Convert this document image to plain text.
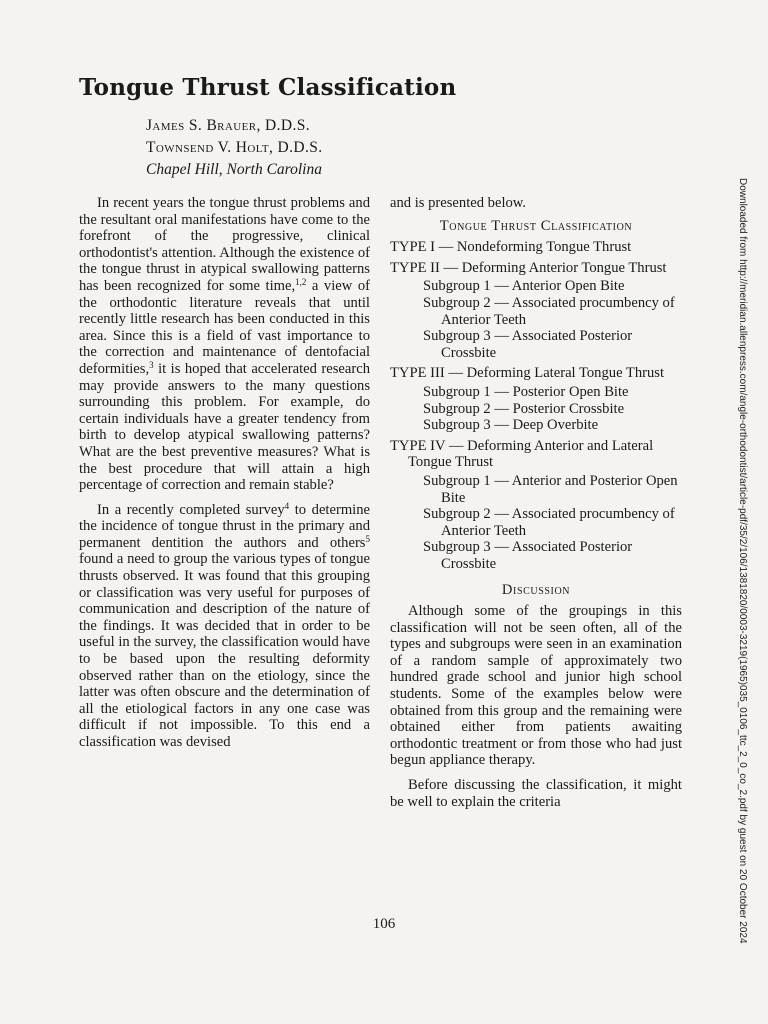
Tongue Thrust Classification
James S. Brauer, D.D.S.
Townsend V. Holt, D.D.S.
Chapel Hill, North Carolina

In recent years the tongue thrust problems and the resultant oral manifestations have come to the forefront of the progressive, clinical orthodontist's attention. Although the existence of the tongue thrust in atypical swallowing patterns has been recognized for some time,$^{1,2}$ a view of the orthodontic literature reveals that until recently little research has been conducted in this area. Since this is a field of vast importance to the correction and maintenance of dentofacial deformities,$^3$ it is hoped that accelerated research may provide answers to the many questions surrounding this problem. For example, do certain individuals have a greater tendency from birth to develop atypical swallowing patterns? What are the best preventive measures? What is the best procedure that will attain a high percentage of correction and remain stable?

In a recently completed survey$^4$ to determine the incidence of tongue thrust in the primary and permanent dentition the authors and others$^5$ found a need to group the various types of tongue thrusts observed. It was found that this grouping or classification was very useful for purposes of communication and description of the nature of the findings. It was decided that in order to be useful in the survey, the classification would have to be based upon the resulting deformity observed rather than on the etiology, since the latter was often obscure and the determination of all the etiological factors in any one case was difficult if not impossible. To this end a classification was devised

and is presented below.

Tongue Thrust Classification
TYPE I — Nondeforming Tongue Thrust
TYPE II — Deforming Anterior Tongue Thrust
Subgroup 1 — Anterior Open Bite
Subgroup 2 — Associated procumbency of Anterior Teeth
Subgroup 3 — Associated Posterior Crossbite
TYPE III — Deforming Lateral Tongue Thrust
Subgroup 1 — Posterior Open Bite
Subgroup 2 — Posterior Crossbite
Subgroup 3 — Deep Overbite
TYPE IV — Deforming Anterior and Lateral Tongue Thrust
Subgroup 1 — Anterior and Posterior Open Bite
Subgroup 2 — Associated procumbency of Anterior Teeth
Subgroup 3 — Associated Posterior Crossbite
Discussion

Although some of the groupings in this classification will not be seen often, all of the types and subgroups were seen in an examination of a random sample of approximately two hundred grade school and junior high school students. Some of the examples below were obtained from this group and the remaining were obtained either from patients awaiting orthodontic treatment or from those who had just begun appliance therapy.

Before discussing the classification, it might be well to explain the criteria

106	Downloaded from http://meridian.allenpress.com/angle-orthodontist/article-pdf/35/2/106/1381820/0003-3219(1965)035_0106_ttc_2_0_co_2.pdf by guest on 20 October 2024
